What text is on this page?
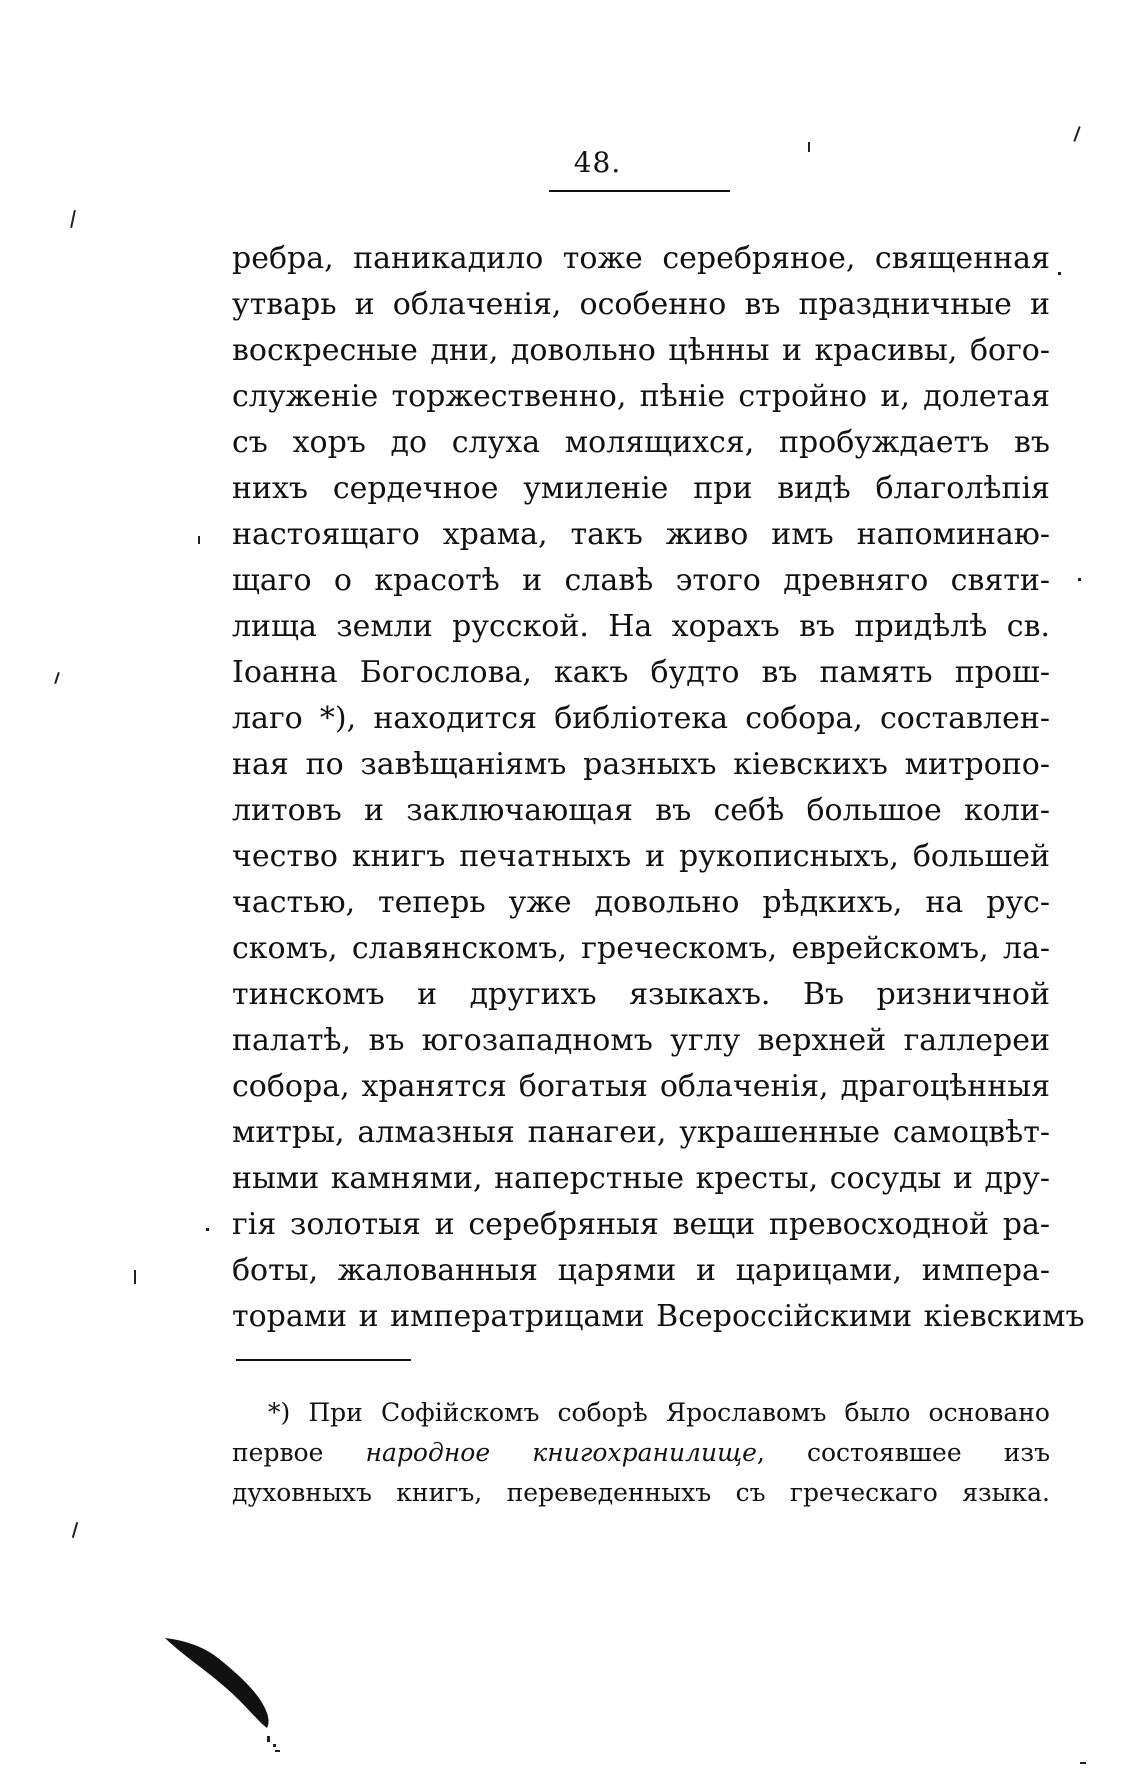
48.
ребра, паникадило тоже серебряное, священная
утварь и облаченія, особенно въ праздничные и
воскресные дни, довольно цѣнны и красивы, бого-
служеніе торжественно, пѣніе стройно и, долетая
съ хоръ до слуха молящихся, пробуждаетъ въ
нихъ сердечное умиленіе при видѣ благолѣпія
настоящаго храма, такъ живо имъ напоминаю-
щаго о красотѣ и славѣ этого древняго святи-
лища земли русской. На хорахъ въ придѣлѣ св.
Іоанна Богослова, какъ будто въ память прош-
лаго *), находится библіотека собора, составлен-
ная по завѣщаніямъ разныхъ кіевскихъ митропо-
литовъ и заключающая въ себѣ большое коли-
чество книгъ печатныхъ и рукописныхъ, большей
частью, теперь уже довольно рѣдкихъ, на рус-
скомъ, славянскомъ, греческомъ, еврейскомъ, ла-
тинскомъ и другихъ языкахъ. Въ ризничной
палатѣ, въ югозападномъ углу верхней галлереи
собора, хранятся богатыя облаченія, драгоцѣнныя
митры, алмазныя панагеи, украшенные самоцвѣт-
ными камнями, наперстные кресты, сосуды и дру-
гія золотыя и серебряныя вещи превосходной ра-
боты, жалованныя царями и царицами, импера-
торами и императрицами Всероссійскими кіевскимъ
*) При Софійскомъ соборѣ Ярославомъ было основано
первое народное книгохранилище, состоявшее изъ
духовныхъ книгъ, переведенныхъ съ греческаго языка.
